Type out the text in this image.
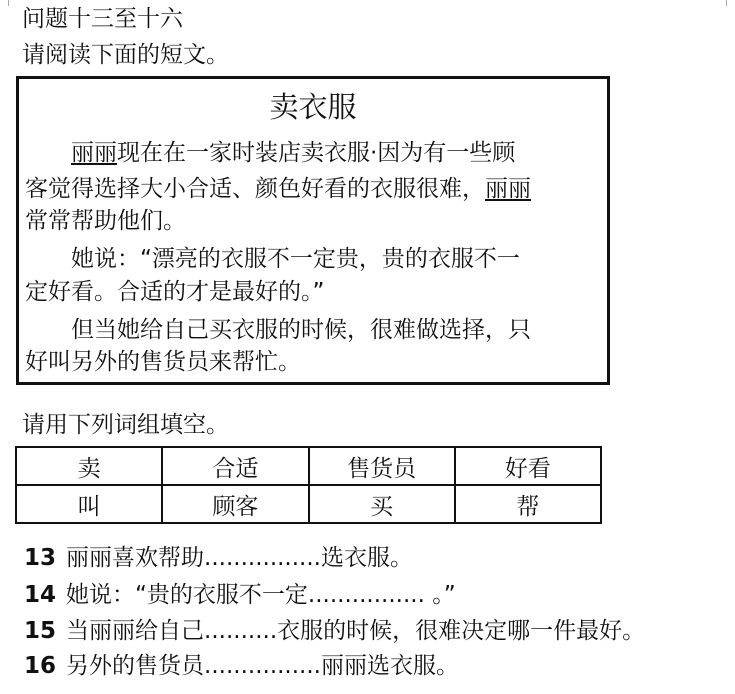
问题十三至十六
请阅读下面的短文。
卖衣服
丽丽现在在一家时装店卖衣服·因为有一些顾
客觉得选择大小合适、颜色好看的衣服很难，丽丽
常常帮助他们。
她说：“漂亮的衣服不一定贵，贵的衣服不一
定好看。合适的才是最好的。”
但当她给自己买衣服的时候，很难做选择，只
好叫另外的售货员来帮忙。
请用下列词组填空。
卖	合适	售货员	好看
叫	顾客	买	帮
13 丽丽喜欢帮助................选衣服。
14 她说：“贵的衣服不一定................ 。”
15 当丽丽给自己..........衣服的时候，很难决定哪一件最好。
16 另外的售货员................丽丽选衣服。
